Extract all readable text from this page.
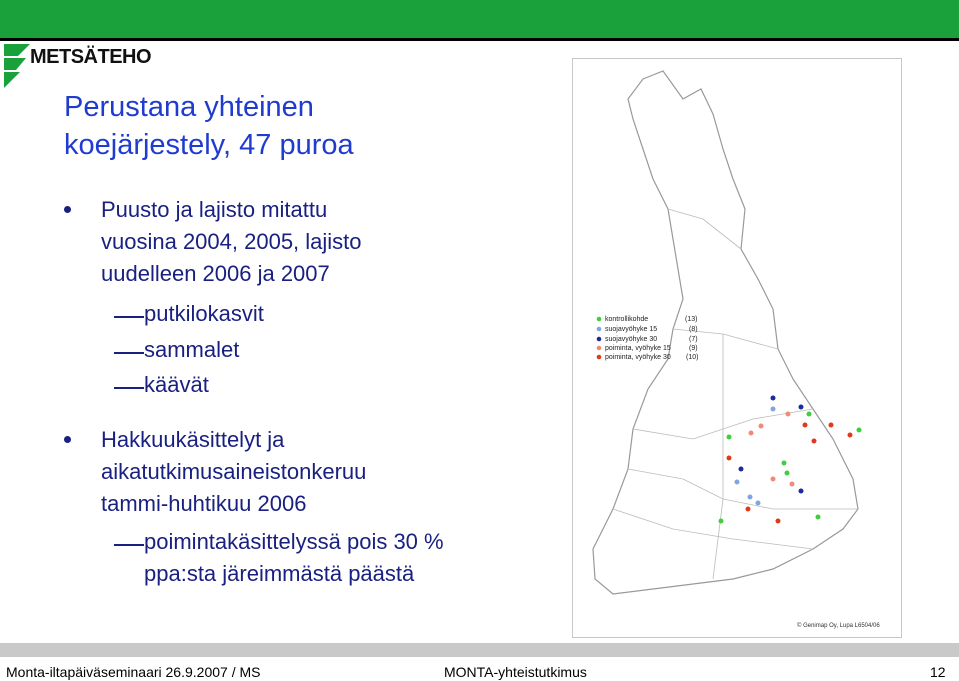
METSÄTEHO
Perustana yhteinen
koejärjestely, 47 puroa
Puusto ja lajisto mitattu
vuosina 2004, 2005, lajisto
uudelleen 2006 ja 2007
putkilokasvit
sammalet
käävät
Hakkuukäsittelyt ja
aikatutkimusaineistonkeruu
tammi-huhtikuu 2006
poimintakäsittelyssä pois 30 %
ppa:sta järeimmästä päästä
kontrollikohde	(13)
suojavyöhyke 15	(8)
suojavyöhyke 30	(7)
poiminta, vyöhyke 15	(9)
poiminta, vyöhyke 30 (10)
© Genimap Oy, Lupa L6504/06
Monta-iltapäiväseminaari 26.9.2007 / MS	MONTA-yhteistutkimus	12
